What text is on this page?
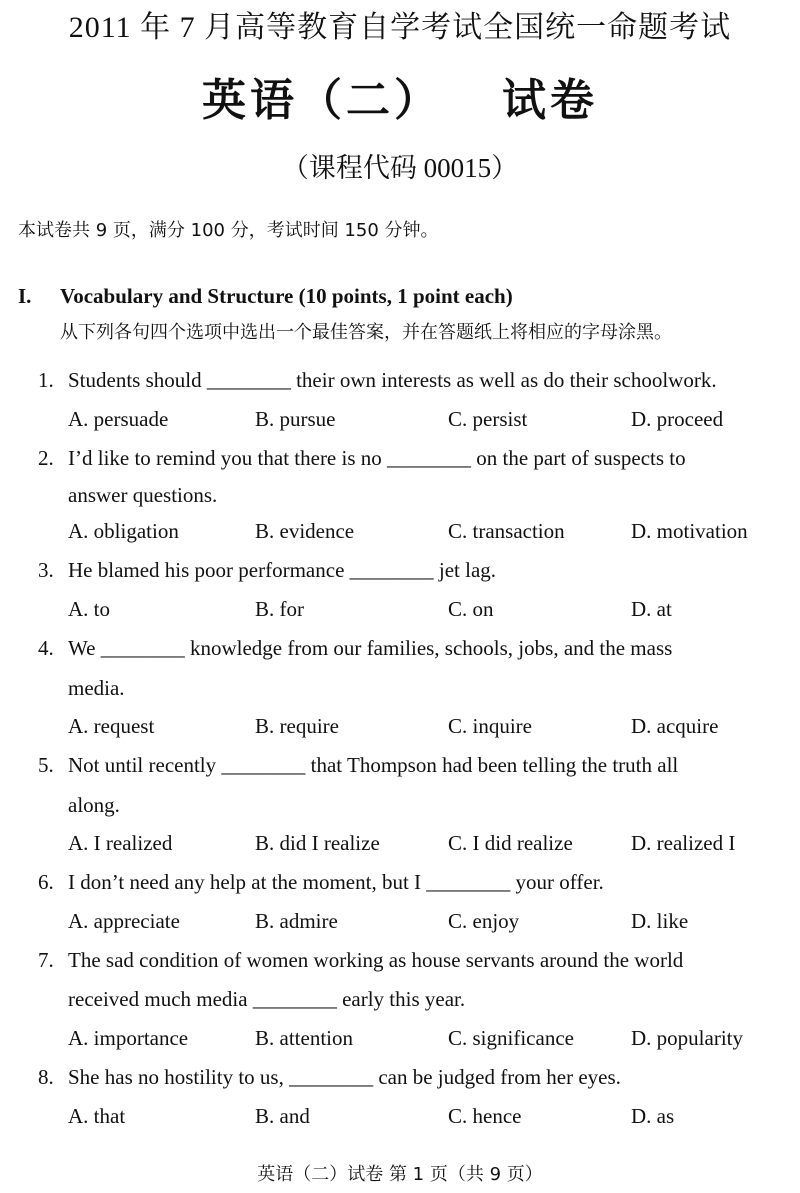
2011 年 7 月高等教育自学考试全国统一命题考试
英语（二） 试卷
（课程代码 00015）
本试卷共 9 页，满分 100 分，考试时间 150 分钟。
I. Vocabulary and Structure (10 points, 1 point each)
从下列各句四个选项中选出一个最佳答案，并在答题纸上将相应的字母涂黑。
1. Students should ________ their own interests as well as do their schoolwork.
A. persuade	B. pursue	C. persist	D. proceed
2. I’d like to remind you that there is no ________ on the part of suspects to
answer questions.
A. obligation	B. evidence	C. transaction	D. motivation
3. He blamed his poor performance ________ jet lag.
A. to	B. for	C. on	D. at
4. We ________ knowledge from our families, schools, jobs, and the mass
media.
A. request	B. require	C. inquire	D. acquire
5. Not until recently ________ that Thompson had been telling the truth all
along.
A. I realized	B. did I realize	C. I did realize	D. realized I
6. I don’t need any help at the moment, but I ________ your offer.
A. appreciate	B. admire	C. enjoy	D. like
7. The sad condition of women working as house servants around the world
received much media ________ early this year.
A. importance	B. attention	C. significance	D. popularity
8. She has no hostility to us, ________ can be judged from her eyes.
A. that	B. and	C. hence	D. as
英语（二）试卷 第 1 页（共 9 页）
